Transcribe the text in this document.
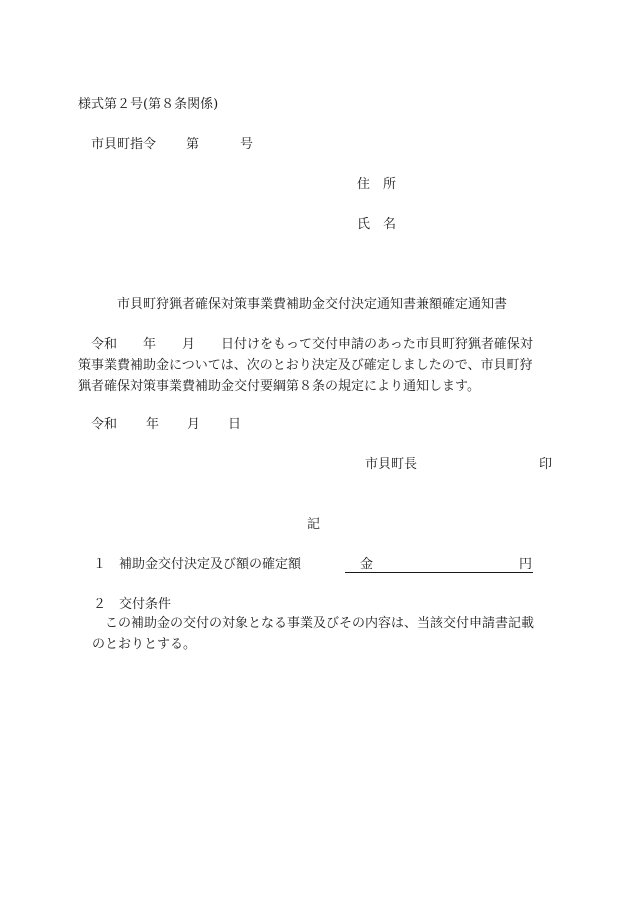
様式第２号(第８条関係)
市貝町指令 第	号
住　所
氏　名
市貝町狩猟者確保対策事業費補助金交付決定通知書兼額確定通知書
令和　　年　　月　　日付けをもって交付申請のあった市貝町狩猟者確保対
策事業費補助金については、次のとおり決定及び確定しましたので、市貝町狩
猟者確保対策事業費補助金交付要綱第８条の規定により通知します。
令和 年 月 日
市貝町長	印
記
１ 補助金交付決定及び額の確定額	金	円
２ 交付条件
この補助金の交付の対象となる事業及びその内容は、当該交付申請書記載
のとおりとする。
